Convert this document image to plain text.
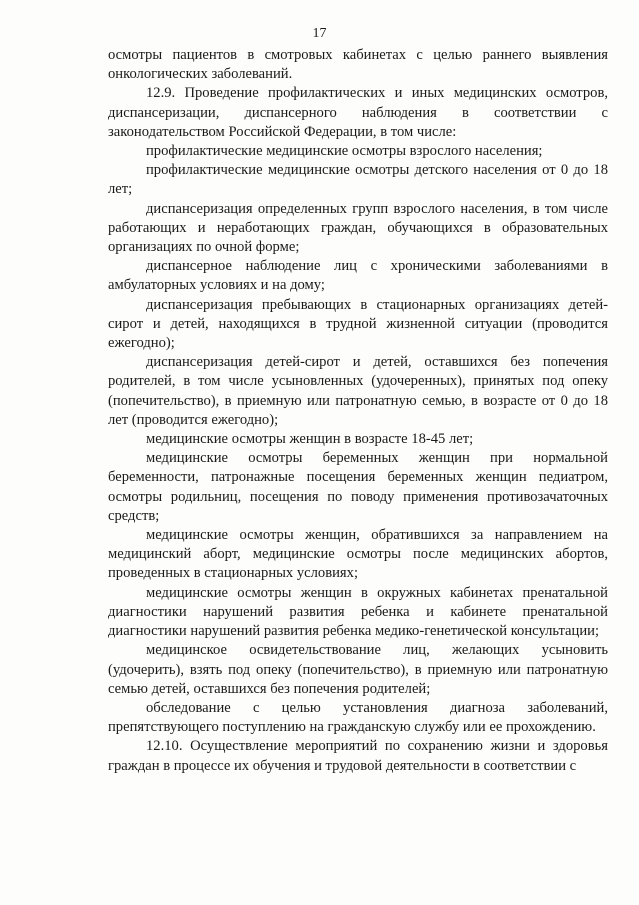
17

осмотры пациентов в смотровых кабинетах с целью раннего выявления онкологических заболеваний.

12.9. Проведение профилактических и иных медицинских осмотров, диспансеризации, диспансерного наблюдения в соответствии с законодательством Российской Федерации, в том числе:

профилактические медицинские осмотры взрослого населения;

профилактические медицинские осмотры детского населения от 0 до 18 лет;

диспансеризация определенных групп взрослого населения, в том числе работающих и неработающих граждан, обучающихся в образовательных организациях по очной форме;

диспансерное наблюдение лиц с хроническими заболеваниями в амбулаторных условиях и на дому;

диспансеризация пребывающих в стационарных организациях детей-сирот и детей, находящихся в трудной жизненной ситуации (проводится ежегодно);

диспансеризация детей-сирот и детей, оставшихся без попечения родителей, в том числе усыновленных (удочеренных), принятых под опеку (попечительство), в приемную или патронатную семью, в возрасте от 0 до 18 лет (проводится ежегодно);

медицинские осмотры женщин в возрасте 18-45 лет;

медицинские осмотры беременных женщин при нормальной беременности, патронажные посещения беременных женщин педиатром, осмотры родильниц, посещения по поводу применения противозачаточных средств;

медицинские осмотры женщин, обратившихся за направлением на медицинский аборт, медицинские осмотры после медицинских абортов, проведенных в стационарных условиях;

медицинские осмотры женщин в окружных кабинетах пренатальной диагностики нарушений развития ребенка и кабинете пренатальной диагностики нарушений развития ребенка медико-генетической консультации;

медицинское освидетельствование лиц, желающих усыновить (удочерить), взять под опеку (попечительство), в приемную или патронатную семью детей, оставшихся без попечения родителей;

обследование с целью установления диагноза заболеваний, препятствующего поступлению на гражданскую службу или ее прохождению.

12.10. Осуществление мероприятий по сохранению жизни и здоровья граждан в процессе их обучения и трудовой деятельности в соответствии с
